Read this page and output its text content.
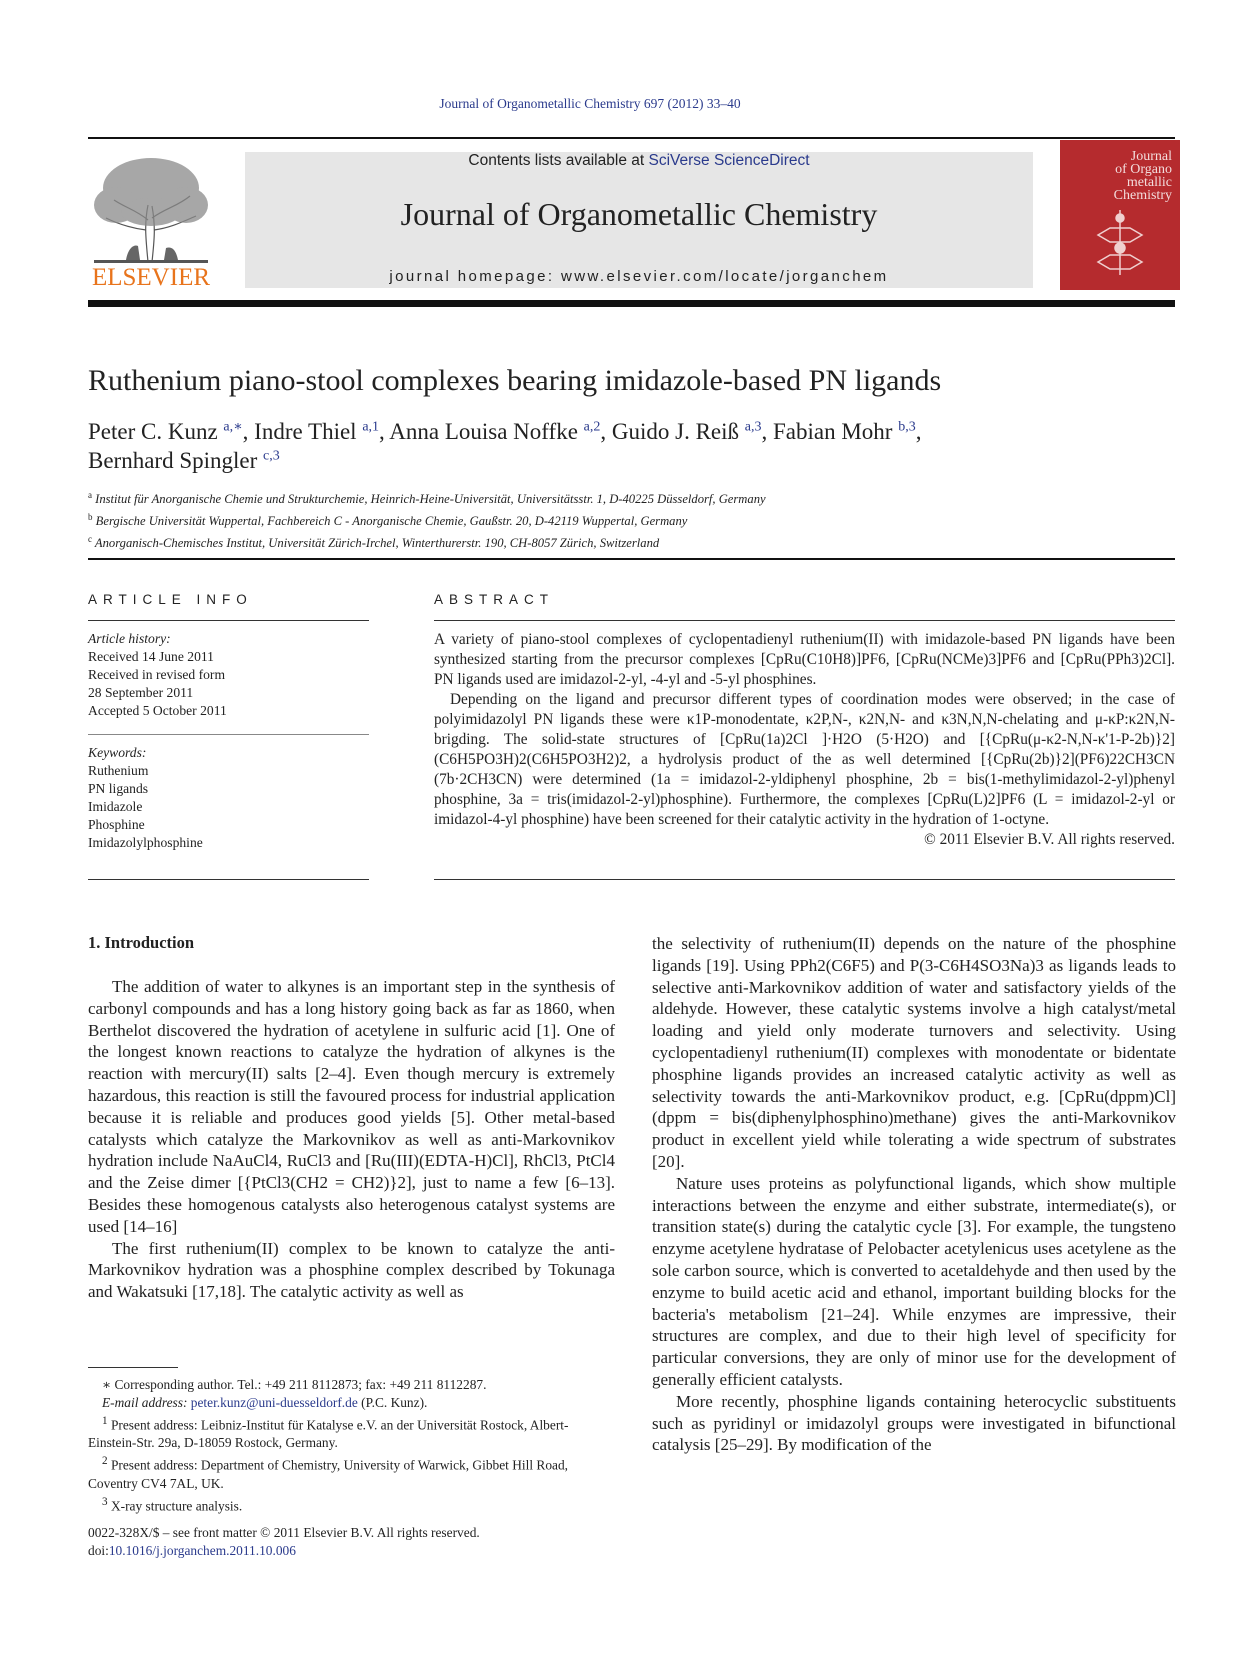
Journal of Organometallic Chemistry 697 (2012) 33–40
ELSEVIER
Contents lists available at SciVerse ScienceDirect
Journal of Organometallic Chemistry
journal homepage: www.elsevier.com/locate/jorganchem
Journal
of Organo
metallic
Chemistry
Ruthenium piano-stool complexes bearing imidazole-based PN ligands
Peter C. Kunz $^{a,∗}$, Indre Thiel $^{a,1}$, Anna Louisa Noffke $^{a,2}$, Guido J. Reiß $^{a,3}$, Fabian Mohr $^{b,3}$,
Bernhard Spingler $^{c,3}$
$^a$ Institut für Anorganische Chemie und Strukturchemie, Heinrich-Heine-Universität, Universitätsstr. 1, D-40225 Düsseldorf, Germany
$^b$ Bergische Universität Wuppertal, Fachbereich C - Anorganische Chemie, Gaußstr. 20, D-42119 Wuppertal, Germany
$^c$ Anorganisch-Chemisches Institut, Universität Zürich-Irchel, Winterthurerstr. 190, CH-8057 Zürich, Switzerland
ARTICLE INFO
Article history:
Received 14 June 2011
Received in revised form
28 September 2011
Accepted 5 October 2011
Keywords:
Ruthenium
PN ligands
Imidazole
Phosphine
Imidazolylphosphine
ABSTRACT

A variety of piano-stool complexes of cyclopentadienyl ruthenium(II) with imidazole-based PN ligands have been synthesized starting from the precursor complexes [CpRu(C10H8)]PF6, [CpRu(NCMe)3]PF6 and [CpRu(PPh3)2Cl]. PN ligands used are imidazol-2-yl, -4-yl and -5-yl phosphines.

Depending on the ligand and precursor different types of coordination modes were observed; in the case of polyimidazolyl PN ligands these were κ1P-monodentate, κ2P,N-, κ2N,N- and κ3N,N,N-chelating and μ-κP:κ2N,N-brigding. The solid-state structures of [CpRu(1a)2Cl ]·H2O (5·H2O) and [{CpRu(μ-κ2-N,N-κ'1-P-2b)}2](C6H5PO3H)2(C6H5PO3H2)2, a hydrolysis product of the as well determined [{CpRu(2b)}2](PF6)22CH3CN (7b·2CH3CN) were determined (1a = imidazol-2-yldiphenyl phosphine, 2b = bis(1-methylimidazol-2-yl)phenyl phosphine, 3a = tris(imidazol-2-yl)phosphine). Furthermore, the complexes [CpRu(L)2]PF6 (L = imidazol-2-yl or imidazol-4-yl phosphine) have been screened for their catalytic activity in the hydration of 1-octyne.

© 2011 Elsevier B.V. All rights reserved.
1. Introduction

The addition of water to alkynes is an important step in the synthesis of carbonyl compounds and has a long history going back as far as 1860, when Berthelot discovered the hydration of acetylene in sulfuric acid [1]. One of the longest known reactions to catalyze the hydration of alkynes is the reaction with mercury(II) salts [2–4]. Even though mercury is extremely hazardous, this reaction is still the favoured process for industrial application because it is reliable and produces good yields [5]. Other metal-based catalysts which catalyze the Markovnikov as well as anti-Markovnikov hydration include NaAuCl4, RuCl3 and [Ru(III)(EDTA-H)Cl], RhCl3, PtCl4 and the Zeise dimer [{PtCl3(CH2 = CH2)}2], just to name a few [6–13]. Besides these homogenous catalysts also heterogenous catalyst systems are used [14–16]

The first ruthenium(II) complex to be known to catalyze the anti-Markovnikov hydration was a phosphine complex described by Tokunaga and Wakatsuki [17,18]. The catalytic activity as well as

the selectivity of ruthenium(II) depends on the nature of the phosphine ligands [19]. Using PPh2(C6F5) and P(3-C6H4SO3Na)3 as ligands leads to selective anti-Markovnikov addition of water and satisfactory yields of the aldehyde. However, these catalytic systems involve a high catalyst/metal loading and yield only moderate turnovers and selectivity. Using cyclopentadienyl ruthenium(II) complexes with monodentate or bidentate phosphine ligands provides an increased catalytic activity as well as selectivity towards the anti-Markovnikov product, e.g. [CpRu(dppm)Cl] (dppm = bis(diphenylphosphino)methane) gives the anti-Markovnikov product in excellent yield while tolerating a wide spectrum of substrates [20].

Nature uses proteins as polyfunctional ligands, which show multiple interactions between the enzyme and either substrate, intermediate(s), or transition state(s) during the catalytic cycle [3]. For example, the tungsteno enzyme acetylene hydratase of Pelobacter acetylenicus uses acetylene as the sole carbon source, which is converted to acetaldehyde and then used by the enzyme to build acetic acid and ethanol, important building blocks for the bacteria's metabolism [21–24]. While enzymes are impressive, their structures are complex, and due to their high level of specificity for particular conversions, they are only of minor use for the development of generally efficient catalysts.

More recently, phosphine ligands containing heterocyclic substituents such as pyridinyl or imidazolyl groups were investigated in bifunctional catalysis [25–29]. By modification of the

∗ Corresponding author. Tel.: +49 211 8112873; fax: +49 211 8112287.

E-mail address: peter.kunz@uni-duesseldorf.de (P.C. Kunz).

$^1$ Present address: Leibniz-Institut für Katalyse e.V. an der Universität Rostock, Albert-Einstein-Str. 29a, D-18059 Rostock, Germany.

$^2$ Present address: Department of Chemistry, University of Warwick, Gibbet Hill Road, Coventry CV4 7AL, UK.

$^3$ X-ray structure analysis.

0022-328X/$ – see front matter © 2011 Elsevier B.V. All rights reserved.
doi:10.1016/j.jorganchem.2011.10.006
